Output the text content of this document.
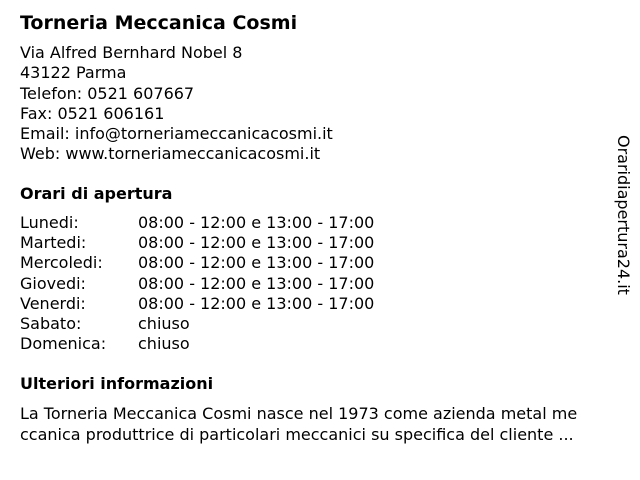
Torneria Meccanica Cosmi
Via Alfred Bernhard Nobel 8
43122 Parma
Telefon: 0521 607667
Fax: 0521 606161
Email: info@torneriameccanicacosmi.it
Web: www.torneriameccanicacosmi.it
Orari di apertura
Lunedi:	08:00 - 12:00 e 13:00 - 17:00
Martedi:	08:00 - 12:00 e 13:00 - 17:00
Mercoledi:	08:00 - 12:00 e 13:00 - 17:00
Giovedi:	08:00 - 12:00 e 13:00 - 17:00
Venerdi:	08:00 - 12:00 e 13:00 - 17:00
Sabato:	chiuso
Domenica:	chiuso
Ulteriori informazioni
La Torneria Meccanica Cosmi nasce nel 1973 come azienda metal me
ccanica produttrice di particolari meccanici su specifica del cliente ...
Oraridiapertura24.it
